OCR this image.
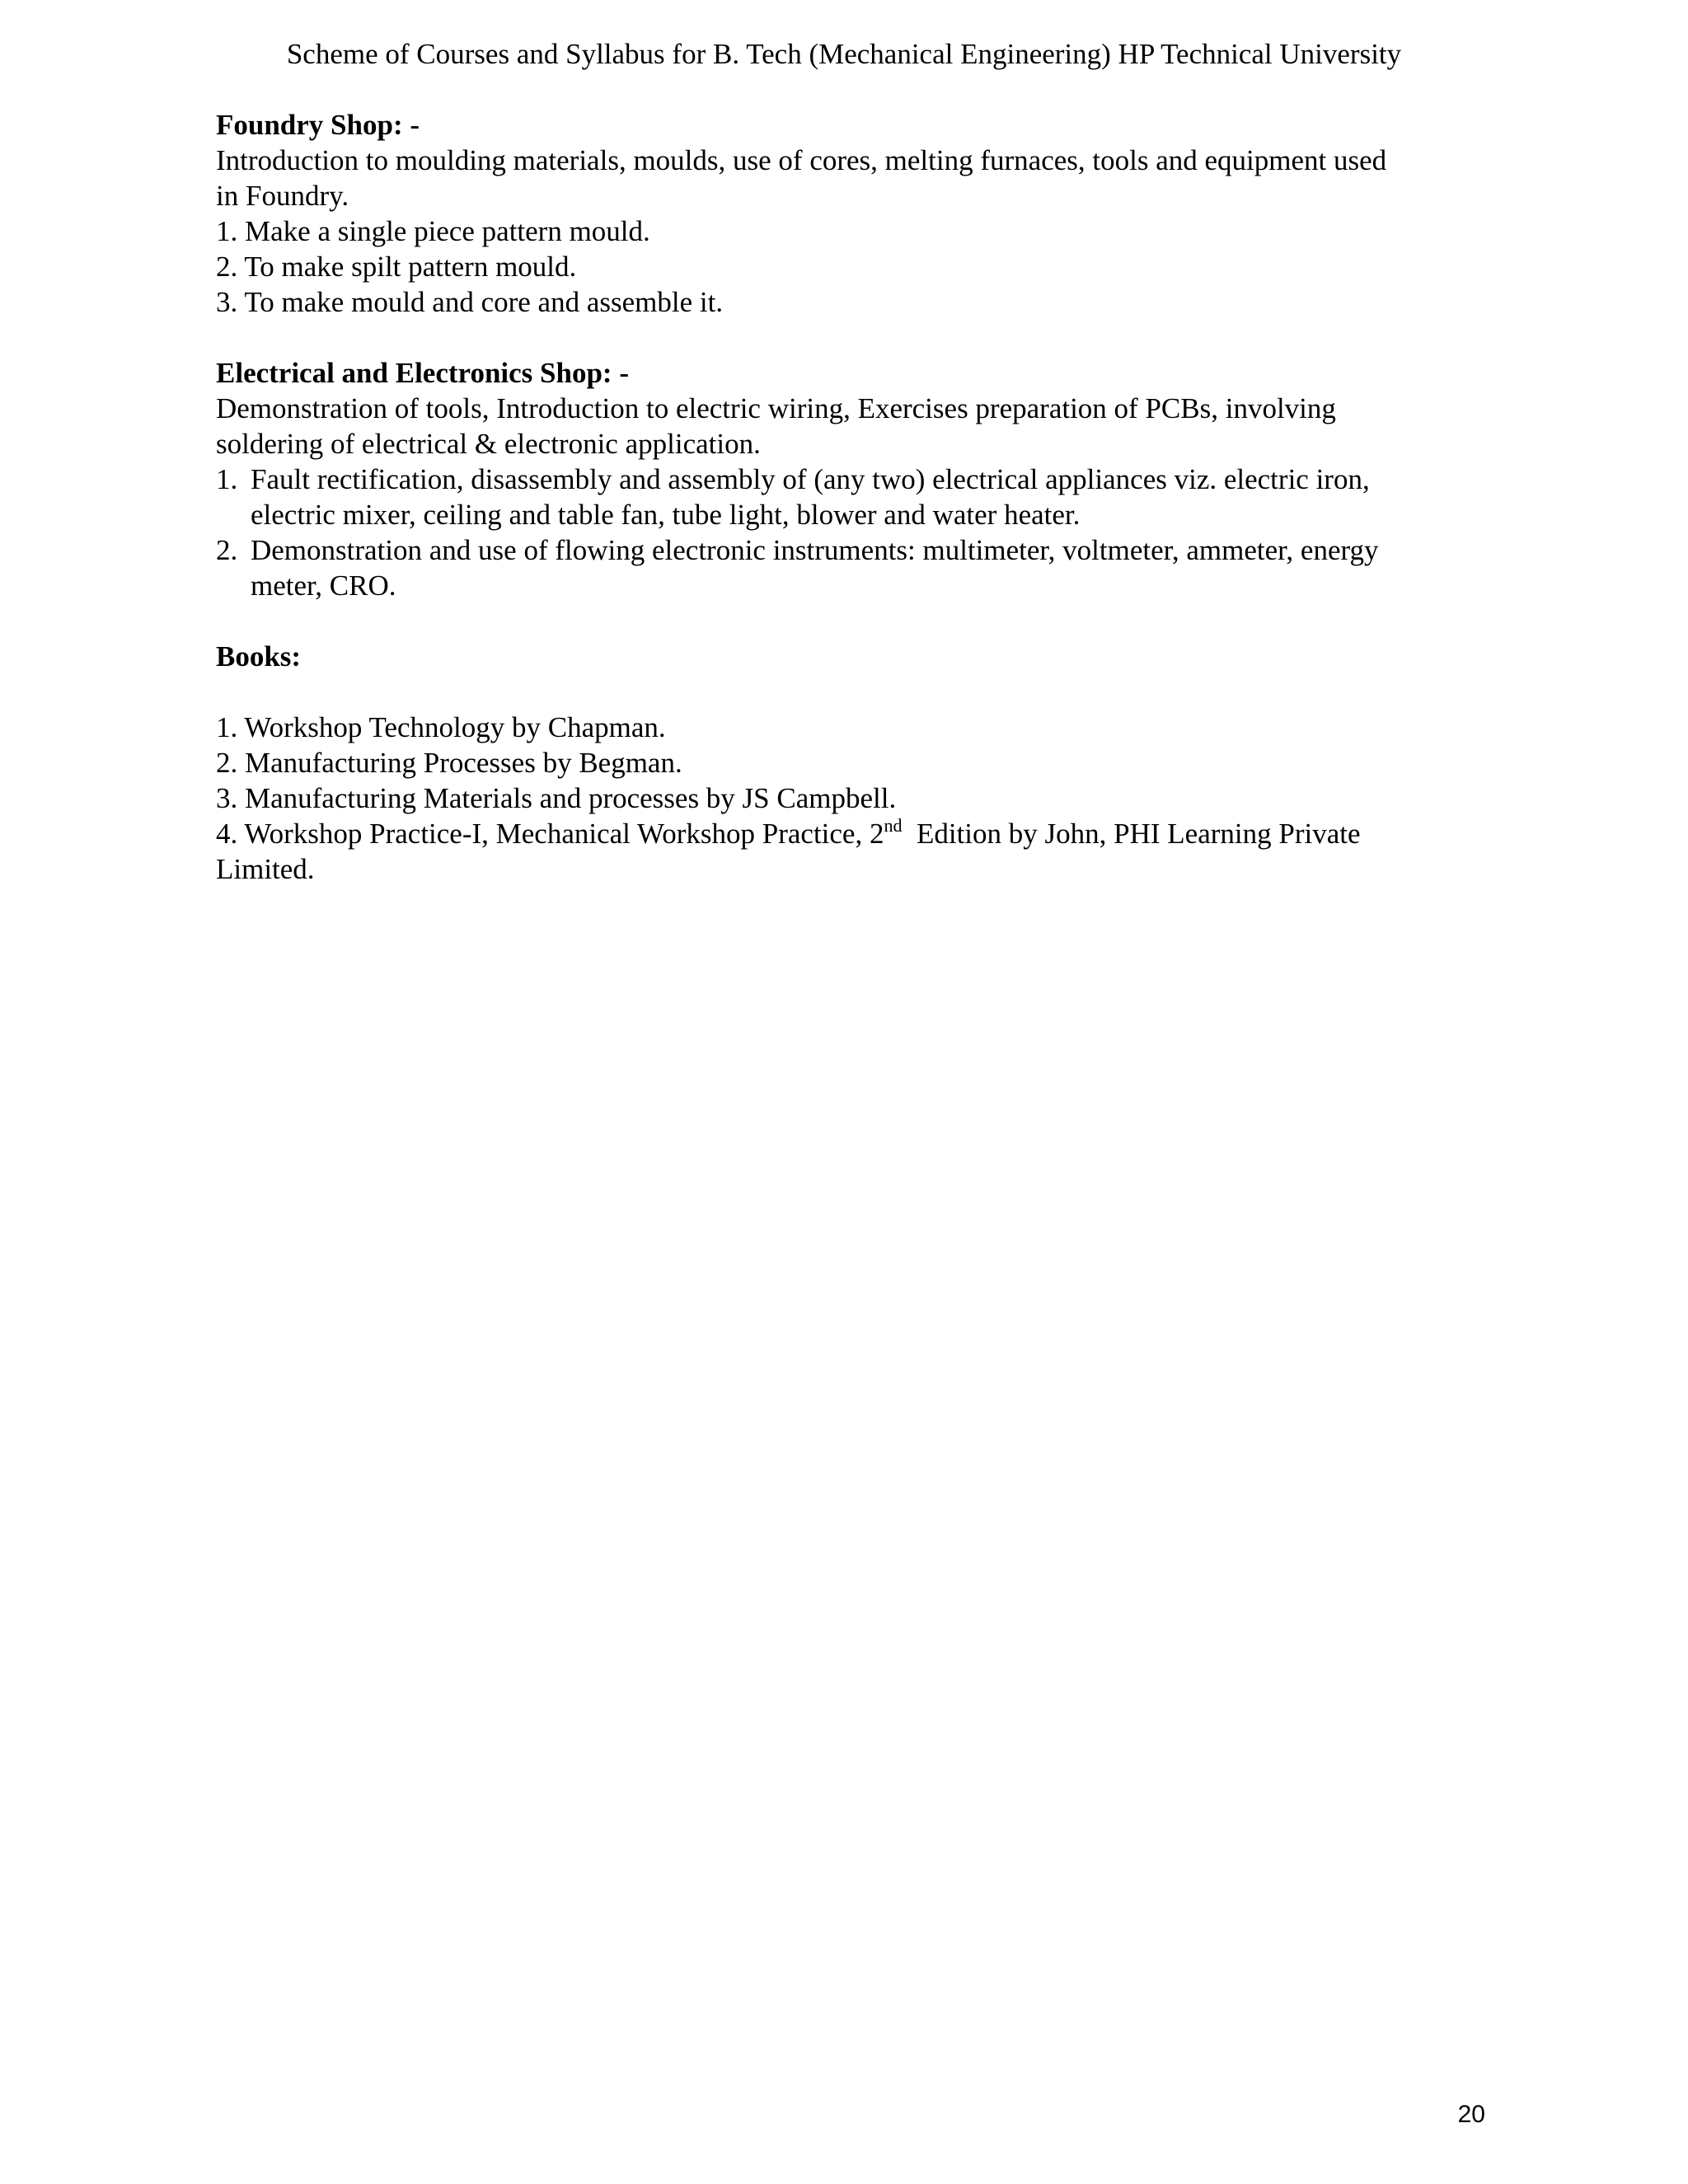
Scheme of Courses and Syllabus for B. Tech (Mechanical Engineering) HP Technical University
Foundry Shop: -
Introduction to moulding materials, moulds, use of cores, melting furnaces, tools and equipment used
in Foundry.
1. Make a single piece pattern mould.
2. To make spilt pattern mould.
3. To make mould and core and assemble it.
Electrical and Electronics Shop: -
Demonstration of tools, Introduction to electric wiring, Exercises preparation of PCBs, involving
soldering of electrical & electronic application.
1. Fault rectification, disassembly and assembly of (any two) electrical appliances viz. electric iron,
electric mixer, ceiling and table fan, tube light, blower and water heater.
2. Demonstration and use of flowing electronic instruments: multimeter, voltmeter, ammeter, energy
meter, CRO.
Books:
1. Workshop Technology by Chapman.
2. Manufacturing Processes by Begman.
3. Manufacturing Materials and processes by JS Campbell.
4. Workshop Practice-I, Mechanical Workshop Practice, 2nd  Edition by John, PHI Learning Private
Limited.
20
